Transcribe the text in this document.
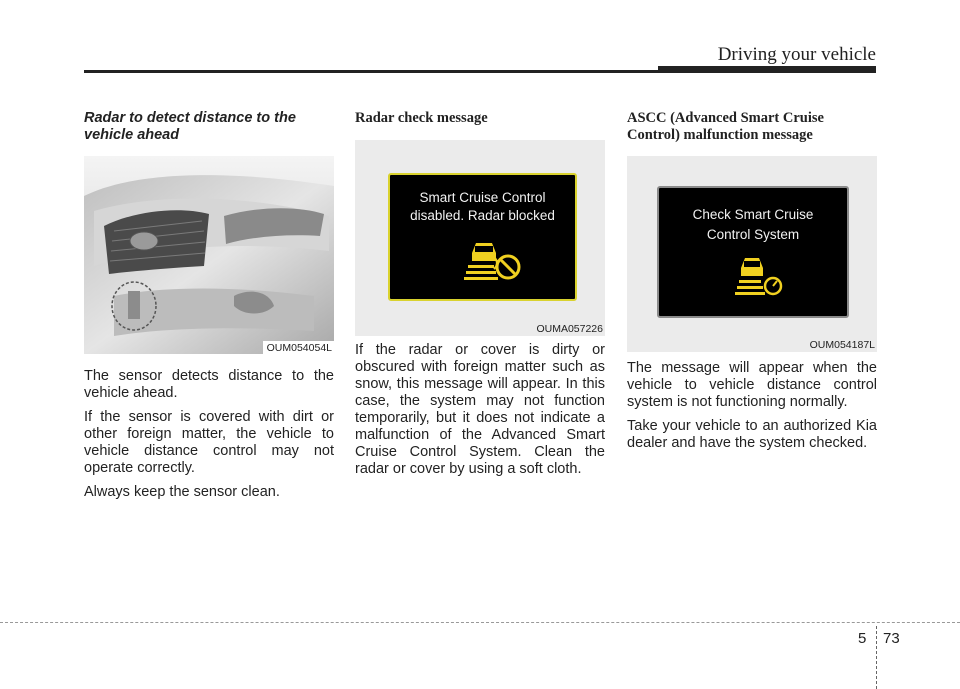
Driving your vehicle
Radar to detect distance to the vehicle ahead
OUM054054L

The sensor detects distance to the vehicle ahead.

If the sensor is covered with dirt or other foreign matter, the vehicle to vehicle distance control may not operate correctly.

Always keep the sensor clean.

Radar check message
Smart Cruise Control
disabled. Radar blocked
OUMA057226

If the radar or cover is dirty or obscured with foreign matter such as snow, this message will appear. In this case, the system may not function temporarily, but it does not indicate a malfunction of the Advanced Smart Cruise Control System. Clean the radar or cover by using a soft cloth.

ASCC (Advanced Smart Cruise Control) malfunction message
Check Smart Cruise
Control System
OUM054187L

The message will appear when the vehicle to vehicle distance control system is not functioning normally.

Take your vehicle to an authorized Kia dealer and have the system checked.

5 73
